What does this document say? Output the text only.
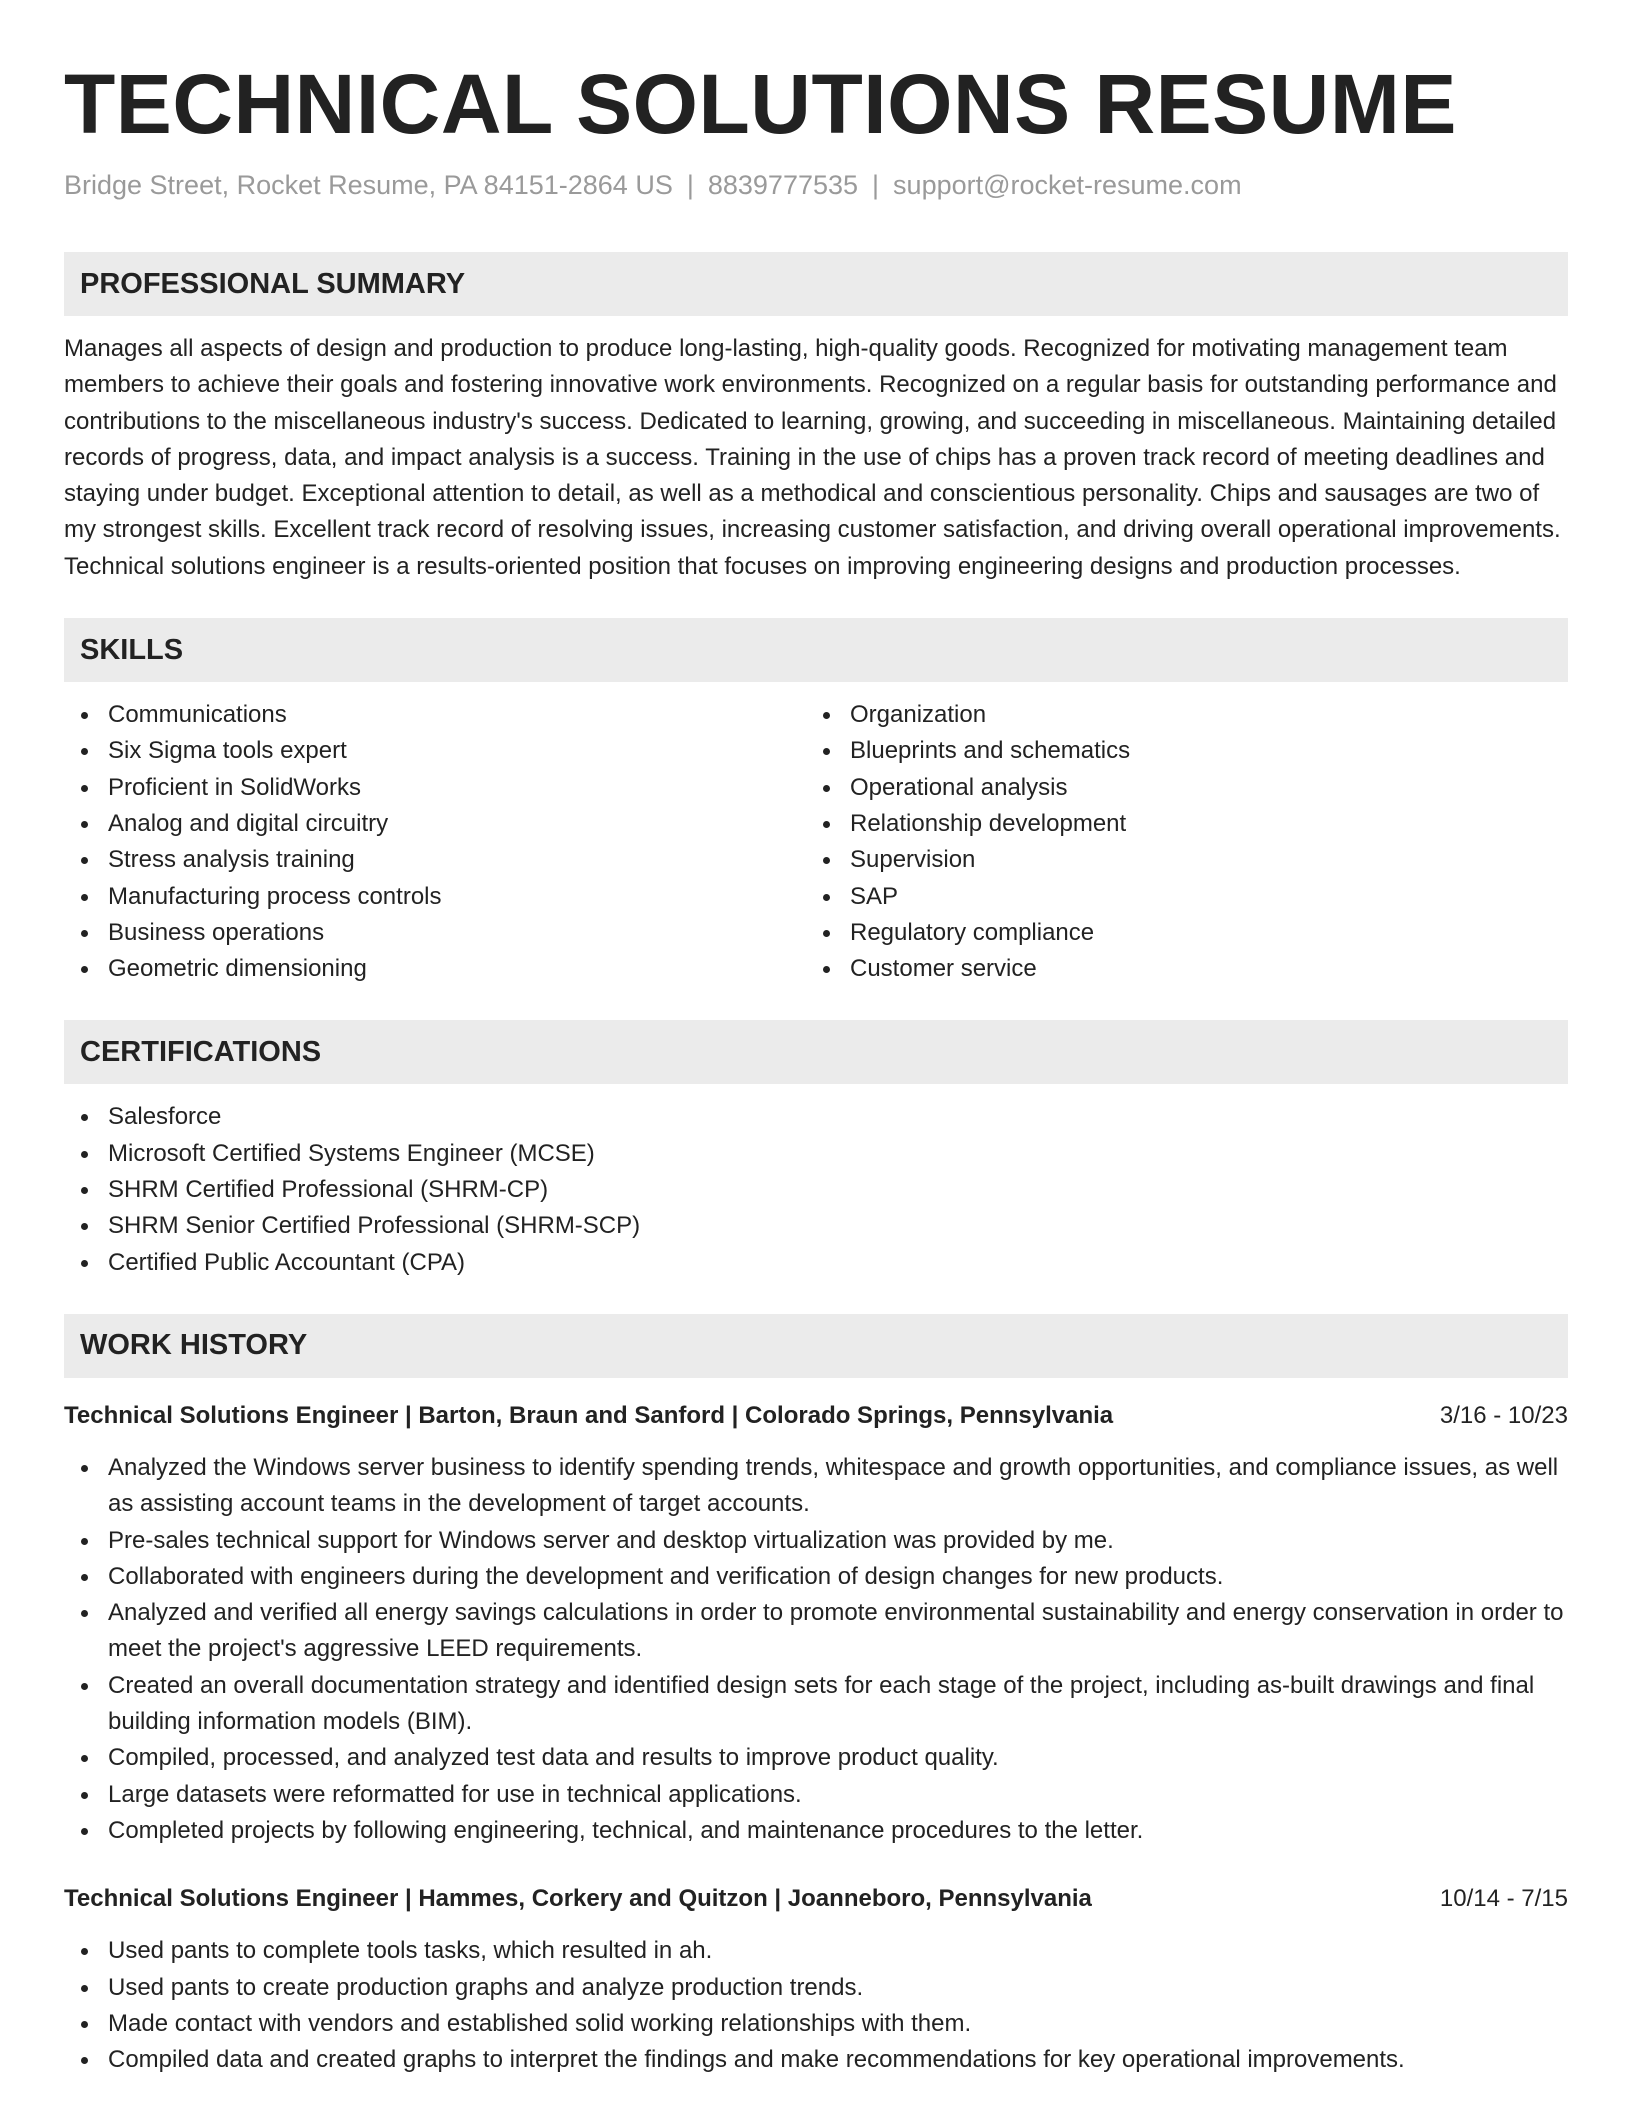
TECHNICAL SOLUTIONS RESUME
Bridge Street, Rocket Resume, PA 84151-2864 US | 8839777535 | support@rocket-resume.com
PROFESSIONAL SUMMARY
Manages all aspects of design and production to produce long-lasting, high-quality goods. Recognized for motivating management team members to achieve their goals and fostering innovative work environments. Recognized on a regular basis for outstanding performance and contributions to the miscellaneous industry's success. Dedicated to learning, growing, and succeeding in miscellaneous. Maintaining detailed records of progress, data, and impact analysis is a success. Training in the use of chips has a proven track record of meeting deadlines and staying under budget. Exceptional attention to detail, as well as a methodical and conscientious personality. Chips and sausages are two of my strongest skills. Excellent track record of resolving issues, increasing customer satisfaction, and driving overall operational improvements. Technical solutions engineer is a results-oriented position that focuses on improving engineering designs and production processes.
SKILLS
Communications
Six Sigma tools expert
Proficient in SolidWorks
Analog and digital circuitry
Stress analysis training
Manufacturing process controls
Business operations
Geometric dimensioning
Organization
Blueprints and schematics
Operational analysis
Relationship development
Supervision
SAP
Regulatory compliance
Customer service
CERTIFICATIONS
Salesforce
Microsoft Certified Systems Engineer (MCSE)
SHRM Certified Professional (SHRM-CP)
SHRM Senior Certified Professional (SHRM-SCP)
Certified Public Accountant (CPA)
WORK HISTORY
Technical Solutions Engineer | Barton, Braun and Sanford | Colorado Springs, Pennsylvania	3/16 - 10/23
Analyzed the Windows server business to identify spending trends, whitespace and growth opportunities, and compliance issues, as well as assisting account teams in the development of target accounts.
Pre-sales technical support for Windows server and desktop virtualization was provided by me.
Collaborated with engineers during the development and verification of design changes for new products.
Analyzed and verified all energy savings calculations in order to promote environmental sustainability and energy conservation in order to meet the project's aggressive LEED requirements.
Created an overall documentation strategy and identified design sets for each stage of the project, including as-built drawings and final building information models (BIM).
Compiled, processed, and analyzed test data and results to improve product quality.
Large datasets were reformatted for use in technical applications.
Completed projects by following engineering, technical, and maintenance procedures to the letter.
Technical Solutions Engineer | Hammes, Corkery and Quitzon | Joanneboro, Pennsylvania	10/14 - 7/15
Used pants to complete tools tasks, which resulted in ah.
Used pants to create production graphs and analyze production trends.
Made contact with vendors and established solid working relationships with them.
Compiled data and created graphs to interpret the findings and make recommendations for key operational improvements.
